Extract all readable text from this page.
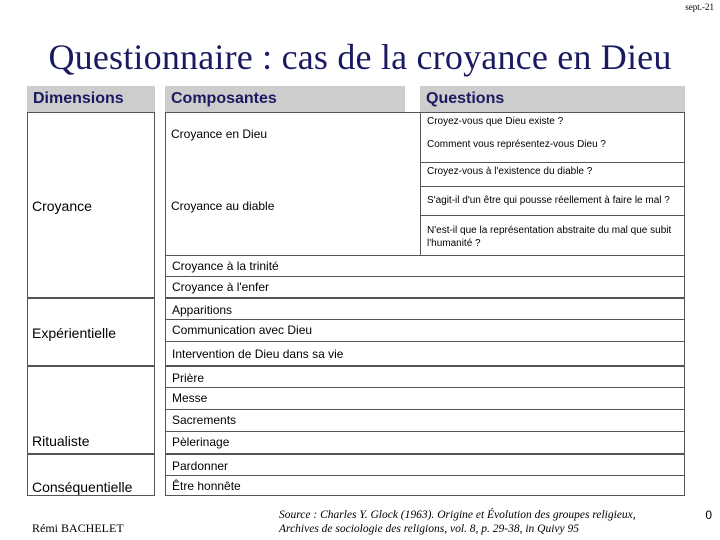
sept.-21
Questionnaire : cas de la croyance en Dieu
Dimensions	Composantes	Questions
Croyance
Expérientielle
Ritualiste
Conséquentielle
Croyance en Dieu
Croyance au diable
Croyez-vous que Dieu existe ?
Comment vous représentez-vous Dieu ?
Croyez-vous à l'existence du diable ?
S'agit-il d'un être qui pousse réellement à faire le mal ?
N'est-il que la représentation abstraite du mal que subit l'humanité ?
Croyance à la trinité
Croyance à l'enfer
Apparitions
Communication avec Dieu
Intervention de Dieu dans sa vie
Prière
Messe
Sacrements
Pèlerinage
Pardonner
Être honnête
Rémi BACHELET
Source : Charles Y. Glock (1963). Origine et Évolution des groupes religieux,
Archives de sociologie des religions, vol. 8, p. 29-38, in Quivy 95
0
